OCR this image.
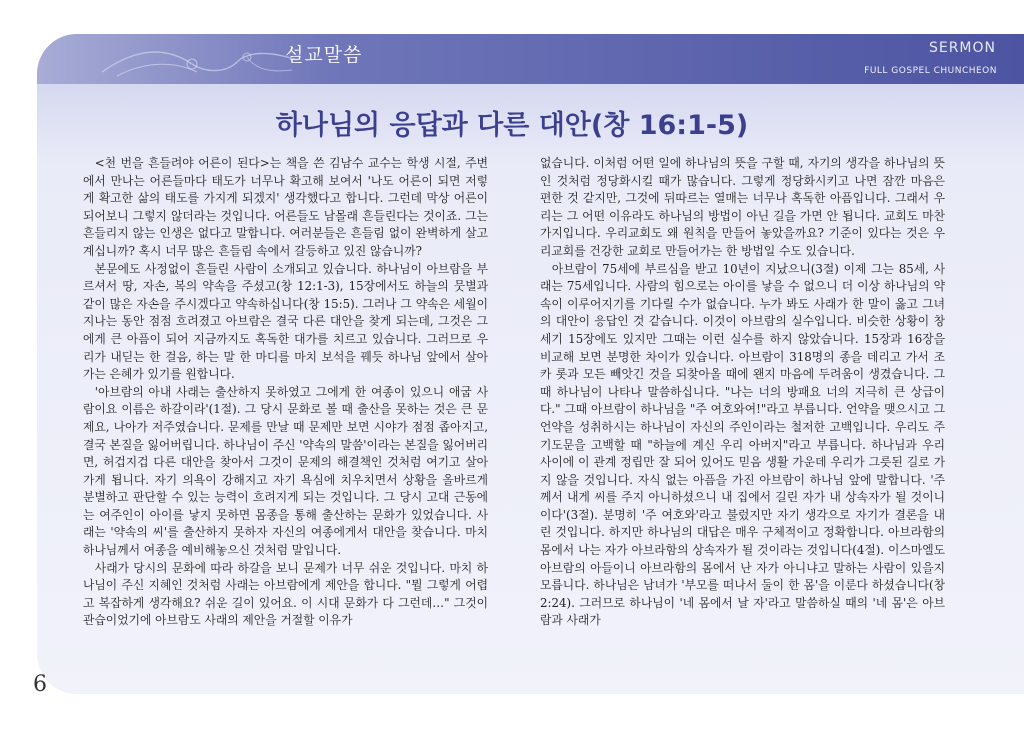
설교말씀	SERMON
FULL GOSPEL CHUNCHEON
하나님의 응답과 다른 대안(창 16:1-5)

<천 번을 흔들려야 어른이 된다>는 책을 쓴 김남수 교수는 학생 시절, 주변에서 만나는 어른들마다 태도가 너무나 확고해 보여서 '나도 어른이 되면 저렇게 확고한 삶의 태도를 가지게 되겠지' 생각했다고 합니다. 그런데 막상 어른이 되어보니 그렇지 않더라는 것입니다. 어른들도 남몰래 흔들린다는 것이죠. 그는 흔들리지 않는 인생은 없다고 말합니다. 여러분들은 흔들림 없이 완벽하게 살고 계십니까? 혹시 너무 많은 흔들림 속에서 갈등하고 있진 않습니까?

본문에도 사정없이 흔들린 사람이 소개되고 있습니다. 하나님이 아브람을 부르셔서 땅, 자손, 복의 약속을 주셨고(창 12:1-3), 15장에서도 하늘의 뭇별과 같이 많은 자손을 주시겠다고 약속하십니다(창 15:5). 그러나 그 약속은 세월이 지나는 동안 점점 흐려졌고 아브람은 결국 다른 대안을 찾게 되는데, 그것은 그에게 큰 아픔이 되어 지금까지도 혹독한 대가를 치르고 있습니다. 그러므로 우리가 내딛는 한 걸음, 하는 말 한 마디를 마치 보석을 꿰듯 하나님 앞에서 살아가는 은혜가 있기를 원합니다.

'아브람의 아내 사래는 출산하지 못하였고 그에게 한 여종이 있으니 애굽 사람이요 이름은 하갈이라'(1절). 그 당시 문화로 볼 때 출산을 못하는 것은 큰 문제요, 나아가 저주였습니다. 문제를 만날 때 문제만 보면 시야가 점점 좁아지고, 결국 본질을 잃어버립니다. 하나님이 주신 '약속의 말씀'이라는 본질을 잃어버리면, 허겁지겁 다른 대안을 찾아서 그것이 문제의 해결책인 것처럼 여기고 살아가게 됩니다. 자기 의욕이 강해지고 자기 욕심에 치우치면서 상황을 올바르게 분별하고 판단할 수 있는 능력이 흐려지게 되는 것입니다. 그 당시 고대 근동에는 여주인이 아이를 낳지 못하면 몸종을 통해 출산하는 문화가 있었습니다. 사래는 '약속의 씨'를 출산하지 못하자 자신의 여종에게서 대안을 찾습니다. 마치 하나님께서 여종을 예비해놓으신 것처럼 말입니다.

사래가 당시의 문화에 따라 하갈을 보니 문제가 너무 쉬운 것입니다. 마치 하나님이 주신 지혜인 것처럼 사래는 아브람에게 제안을 합니다. "뭘 그렇게 어렵고 복잡하게 생각해요? 쉬운 길이 있어요. 이 시대 문화가 다 그런데…" 그것이 관습이었기에 아브람도 사래의 제안을 거절할 이유가

없습니다. 이처럼 어떤 일에 하나님의 뜻을 구할 때, 자기의 생각을 하나님의 뜻인 것처럼 정당화시킬 때가 많습니다. 그렇게 정당화시키고 나면 잠깐 마음은 편한 것 같지만, 그것에 뒤따르는 열매는 너무나 혹독한 아픔입니다. 그래서 우리는 그 어떤 이유라도 하나님의 방법이 아닌 길을 가면 안 됩니다. 교회도 마찬가지입니다. 우리교회도 왜 원칙을 만들어 놓았을까요? 기준이 있다는 것은 우리교회를 건강한 교회로 만들어가는 한 방법일 수도 있습니다.

아브람이 75세에 부르심을 받고 10년이 지났으니(3절) 이제 그는 85세, 사래는 75세입니다. 사람의 힘으로는 아이를 낳을 수 없으니 더 이상 하나님의 약속이 이루어지기를 기다릴 수가 없습니다. 누가 봐도 사래가 한 말이 옳고 그녀의 대안이 응답인 것 같습니다. 이것이 아브람의 실수입니다. 비슷한 상황이 창세기 15장에도 있지만 그때는 이런 실수를 하지 않았습니다. 15장과 16장을 비교해 보면 분명한 차이가 있습니다. 아브람이 318명의 종을 데리고 가서 조카 롯과 모든 빼앗긴 것을 되찾아올 때에 왠지 마음에 두려움이 생겼습니다. 그때 하나님이 나타나 말씀하십니다. "나는 너의 방패요 너의 지극히 큰 상급이다." 그때 아브람이 하나님을 "주 여호와여!"라고 부릅니다. 언약을 맺으시고 그 언약을 성취하시는 하나님이 자신의 주인이라는 철저한 고백입니다. 우리도 주기도문을 고백할 때 "하늘에 계신 우리 아버지"라고 부릅니다. 하나님과 우리 사이에 이 관계 정립만 잘 되어 있어도 믿음 생활 가운데 우리가 그릇된 길로 가지 않을 것입니다. 자식 없는 아픔을 가진 아브람이 하나님 앞에 말합니다. '주께서 내게 씨를 주지 아니하셨으니 내 집에서 길린 자가 내 상속자가 될 것이니이다'(3절). 분명히 '주 여호와'라고 불렀지만 자기 생각으로 자기가 결론을 내린 것입니다. 하지만 하나님의 대답은 매우 구체적이고 정확합니다. 아브라함의 몸에서 나는 자가 아브라함의 상속자가 될 것이라는 것입니다(4절). 이스마엘도 아브람의 아들이니 아브라함의 몸에서 난 자가 아니냐고 말하는 사람이 있을지 모릅니다. 하나님은 남녀가 '부모를 떠나서 둘이 한 몸'을 이룬다 하셨습니다(창 2:24). 그러므로 하나님이 '네 몸에서 날 자'라고 말씀하실 때의 '네 몸'은 아브람과 사래가

6
